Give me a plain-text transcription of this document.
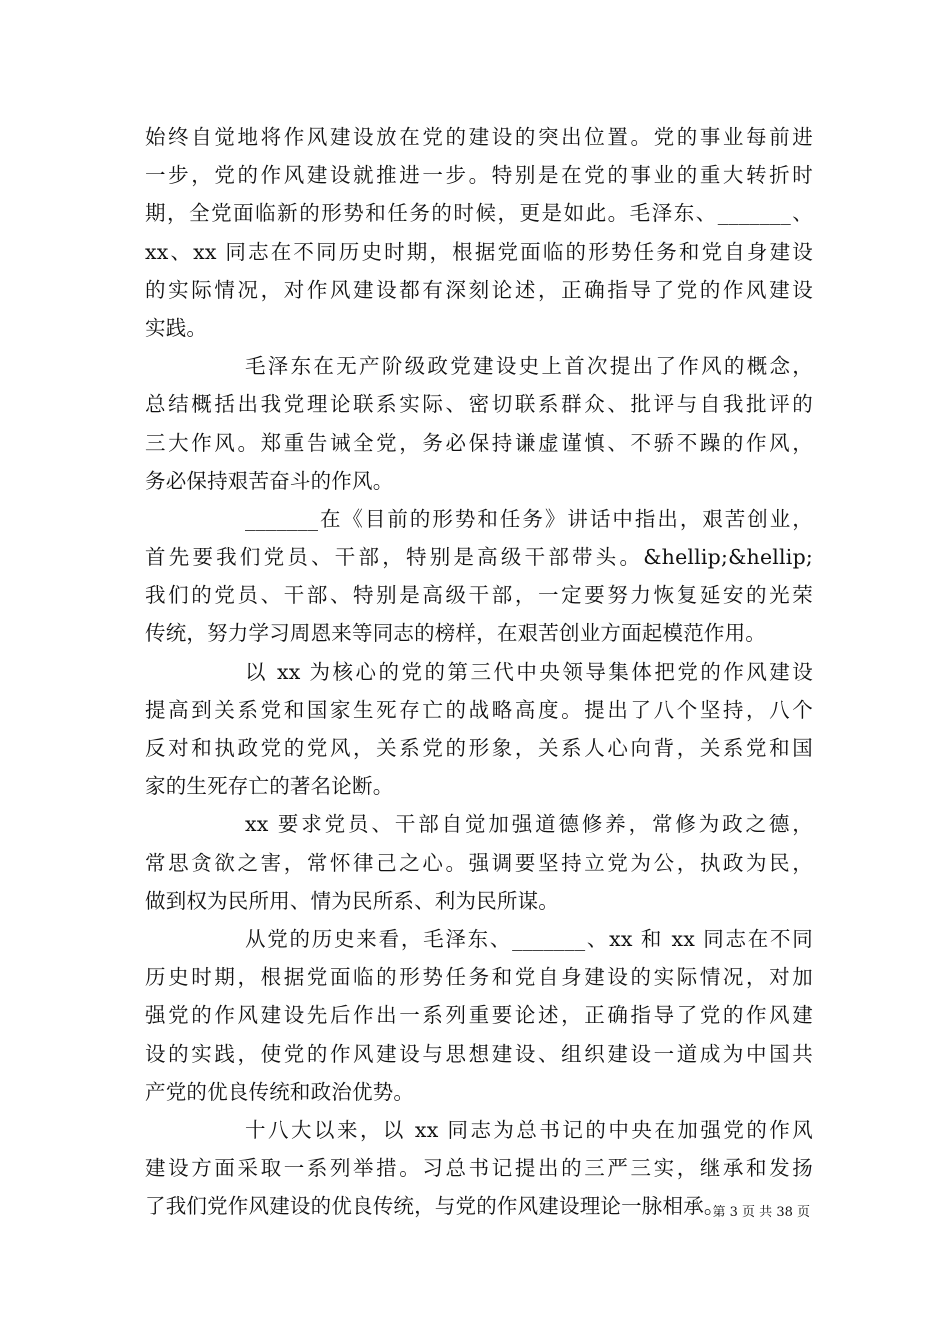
始终自觉地将作风建设放在党的建设的突出位置。党的事业每前进
一步，党的作风建设就推进一步。特别是在党的事业的重大转折时
期，全党面临新的形势和任务的时候，更是如此。毛泽东、_______、
xx、xx 同志在不同历史时期，根据党面临的形势任务和党自身建设
的实际情况，对作风建设都有深刻论述，正确指导了党的作风建设
实践。
毛泽东在无产阶级政党建设史上首次提出了作风的概念，
总结概括出我党理论联系实际、密切联系群众、批评与自我批评的
三大作风。郑重告诫全党，务必保持谦虚谨慎、不骄不躁的作风，
务必保持艰苦奋斗的作风。
_______在《目前的形势和任务》讲话中指出，艰苦创业，
首先要我们党员、干部，特别是高级干部带头。&hellip;&hellip;
我们的党员、干部、特别是高级干部，一定要努力恢复延安的光荣
传统，努力学习周恩来等同志的榜样，在艰苦创业方面起模范作用。
以 xx 为核心的党的第三代中央领导集体把党的作风建设
提高到关系党和国家生死存亡的战略高度。提出了八个坚持，八个
反对和执政党的党风，关系党的形象，关系人心向背，关系党和国
家的生死存亡的著名论断。
xx 要求党员、干部自觉加强道德修养，常修为政之德，
常思贪欲之害，常怀律己之心。强调要坚持立党为公，执政为民，
做到权为民所用、情为民所系、利为民所谋。
从党的历史来看，毛泽东、_______、xx 和 xx 同志在不同
历史时期，根据党面临的形势任务和党自身建设的实际情况，对加
强党的作风建设先后作出一系列重要论述，正确指导了党的作风建
设的实践，使党的作风建设与思想建设、组织建设一道成为中国共
产党的优良传统和政治优势。
十八大以来，以 xx 同志为总书记的中央在加强党的作风
建设方面采取一系列举措。习总书记提出的三严三实，继承和发扬
了我们党作风建设的优良传统，与党的作风建设理论一脉相承。
第 3 页 共 38 页
